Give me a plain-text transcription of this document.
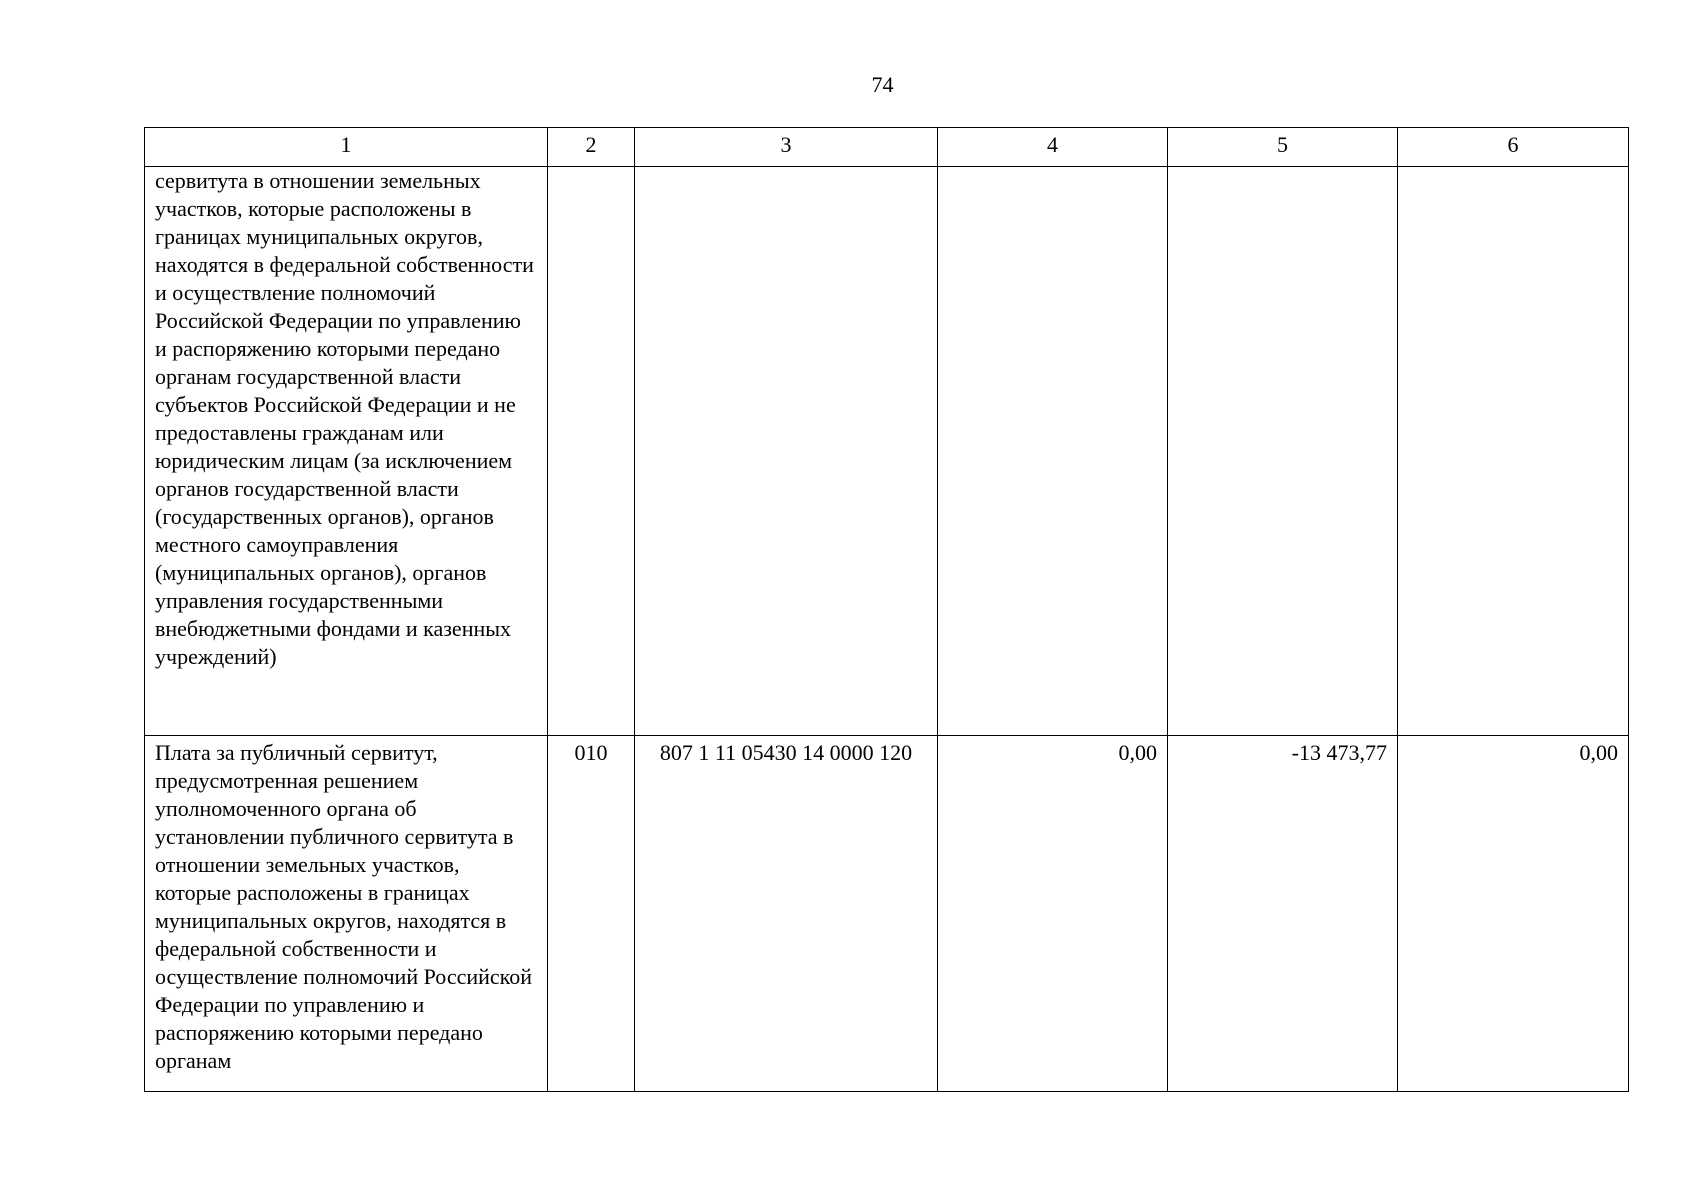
74
1	2	3	4	5	6
сервитута в отношении земельных участков, которые расположены в границах муниципальных округов, находятся в федеральной собственности и осуществление полномочий Российской Федерации по управлению и распоряжению которыми передано органам государственной власти субъектов Российской Федерации и не предоставлены гражданам или юридическим лицам (за исключением органов государственной власти (государственных органов), органов местного самоуправления (муниципальных органов), органов управления государственными внебюджетными фондами и казенных учреждений)					
Плата за публичный сервитут, предусмотренная решением уполномоченного органа об установлении публичного сервитута в отношении земельных участков, которые расположены в границах муниципальных округов, находятся в федеральной собственности и осуществление полномочий Российской Федерации по управлению и распоряжению которыми передано органам	010	807 1 11 05430 14 0000 120	0,00	-13 473,77	0,00
